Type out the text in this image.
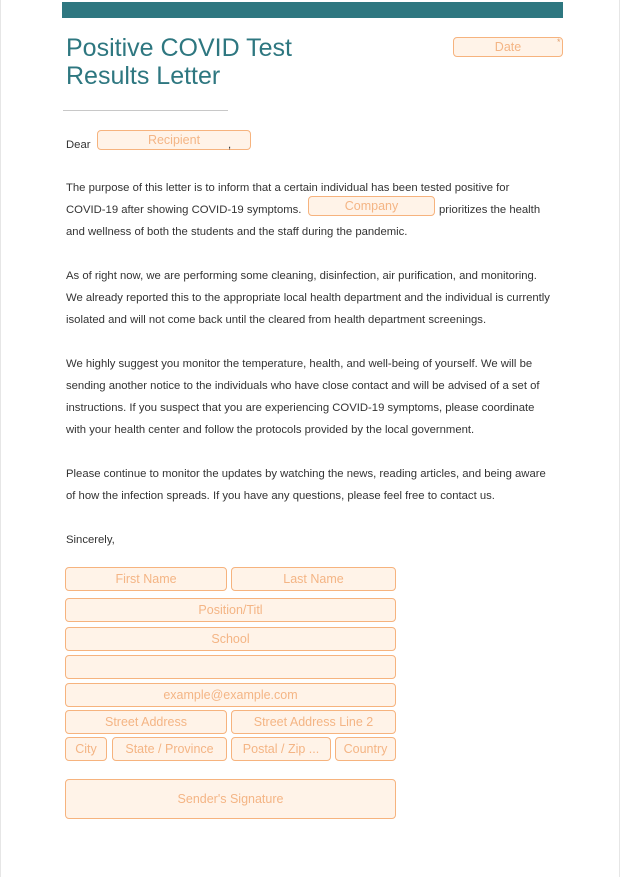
Positive COVID Test
Results Letter
Date
*
Dear
Recipient	,
The purpose of this letter is to inform that a certain individual has been tested positive for
COVID-19 after showing COVID-19 symptoms.
Company	prioritizes the health
and wellness of both the students and the staff during the pandemic.
As of right now, we are performing some cleaning, disinfection, air purification, and monitoring.
We already reported this to the appropriate local health department and the individual is currently
isolated and will not come back until the cleared from health department screenings.
We highly suggest you monitor the temperature, health, and well-being of yourself. We will be
sending another notice to the individuals who have close contact and will be advised of a set of
instructions. If you suspect that you are experiencing COVID-19 symptoms, please coordinate
with your health center and follow the protocols provided by the local government.
Please continue to monitor the updates by watching the news, reading articles, and being aware
of how the infection spreads. If you have any questions, please feel free to contact us.
Sincerely,
First Name
Last Name
Position/Titl
School
example@example.com
Street Address
Street Address Line 2
City
State / Province
Postal / Zip ...
Country
Sender's Signature
